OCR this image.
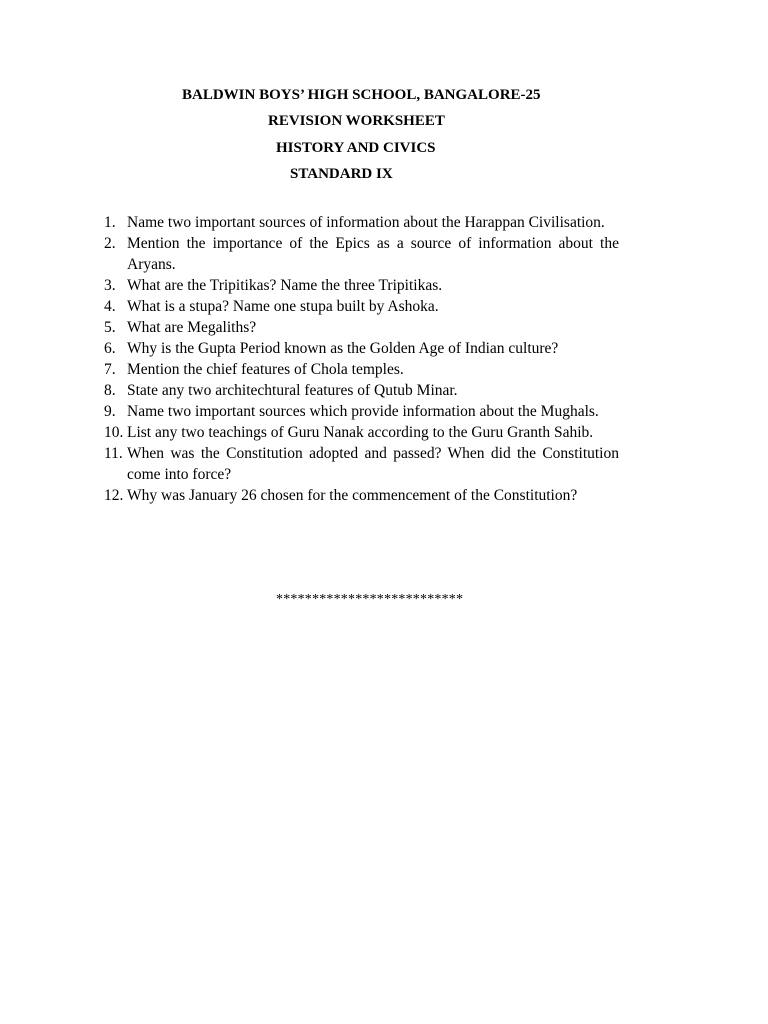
BALDWIN BOYS’ HIGH SCHOOL, BANGALORE-25
REVISION WORKSHEET
HISTORY AND CIVICS
STANDARD IX
1. Name two important sources of information about the Harappan Civilisation.
2. Mention the importance of the Epics as a source of information about the Aryans.
3. What are the Tripitikas? Name the three Tripitikas.
4. What is a stupa? Name one stupa built by Ashoka.
5. What are Megaliths?
6. Why is the Gupta Period known as the Golden Age of Indian culture?
7. Mention the chief features of Chola temples.
8. State any two architechtural features of Qutub Minar.
9. Name two important sources which provide information about the Mughals.
10. List any two teachings of Guru Nanak according to the Guru Granth Sahib.
11. When was the Constitution adopted and passed? When did the Constitution come into force?
12. Why was January 26 chosen for the commencement of the Constitution?
**************************
